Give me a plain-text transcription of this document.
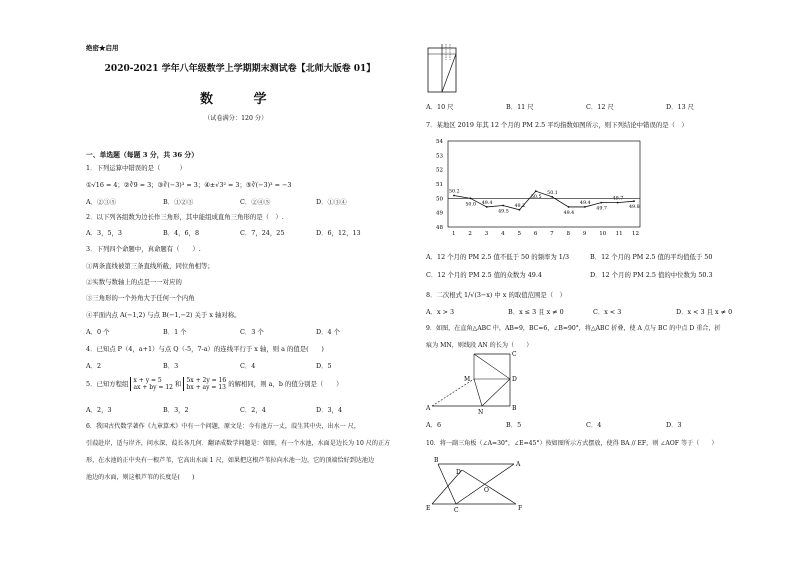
绝密★启用
2020-2021 学年八年级数学上学期期末测试卷【北师大版卷 01】
数 学
（试卷满分：120 分）
一、单选题（每题 3 分，共 36 分）
1．下列运算中错误的是（　　　）
①√16 = 4；②∛9 = 3；③∛(−3)³ = 3；④±√3² = 3；⑤∛(−3)³ = −3
A．②③⑤	B．①②③	C．②④⑤	D．①③④
2．以下列各组数为边长作三角形，其中能组成直角三角形的是（　）.
A．3，5，3	B．4，6，8	C．7，24，25	D．6，12，13
3．下列四个命题中，真命题有（　　）.
①两条直线被第三条直线所截，同位角相等；
②实数与数轴上的点是一一对应的
③三角形的一个外角大于任何一个内角
④平面内点 A(−1,2) 与点 B(−1,−2) 关于 x 轴对称。
A．0 个	B．1 个	C．3 个	D．4 个
4．已知点 P（4，a+1）与点 Q（-5，7-a）的连线平行于 x 轴，则 a 的值是(　　)
A．2	B．3	C．4	D．5
5．已知方程组 x + y = 5
ax + by = 12 和 5x + 2y = 16
bx + ay = 13 的解相同，则 a，b 的值分别是（　　）
A．2，3	B．3，2	C．2，4	D．3，4
6．我国古代数学著作《九章算术》中有一个问题，原文是：今有池方一丈，葭生其中央，出水一 尺，
引葭赴岸，适与岸齐，问水深、葭长各几何．翻译成数学问题是：如图，有一个水池，水面是边长为 10 尺的正方
形，在水池的正中央有一根芦苇，它高出水面 1 尺，如果把这根芦苇拉向水池一边，它的顶端恰好到达池边
池边的水面，则这根芦苇的长度是(　　)
A．10 尺	B．11 尺	C．12 尺	D．13 尺
7．某地区 2019 年其 12 个月的 PM 2.5 平均指数如图所示，则下列结论中错误的是（　）
54
53
52
51
50
49
48
1 2 3 4 5 6 7 8 9 10 11 12
50.2
50.0 49.4
49.5
49.2
50.5
50.1
49.4
49.4
49.7
49.7
49.8
A．12 个月的 PM 2.5 值不低于 50 的频率为 1/3	B．12 个月的 PM 2.5 值的平均值低于 50
C．12 个月的 PM 2.5 值的众数为 49.4	D．12 个月的 PM 2.5 值的中位数为 50.3
8．二次根式 1/√(3−x) 中 x 的取值范围是（　）
A．x > 3	B．x ≤ 3 且 x ≠ 0	C．x < 3	D．x < 3 且 x ≠ 0
9．如图，在直角△ABC 中，AB=9，BC=6，∠B=90°，将△ABC 折叠，使 A 点与 BC 的中点 D 重合，折
痕为 MN，则线段 AN 的长为（　　）
M	D
C
A
N
B
A．6	B．5	C．4	D．3
10．将一副三角板（∠A=30°，∠E=45°）按如图所示方式摆放，使得 BA // EF，则 ∠AOF 等于（　　）
B
D
A
O
E	C	F
